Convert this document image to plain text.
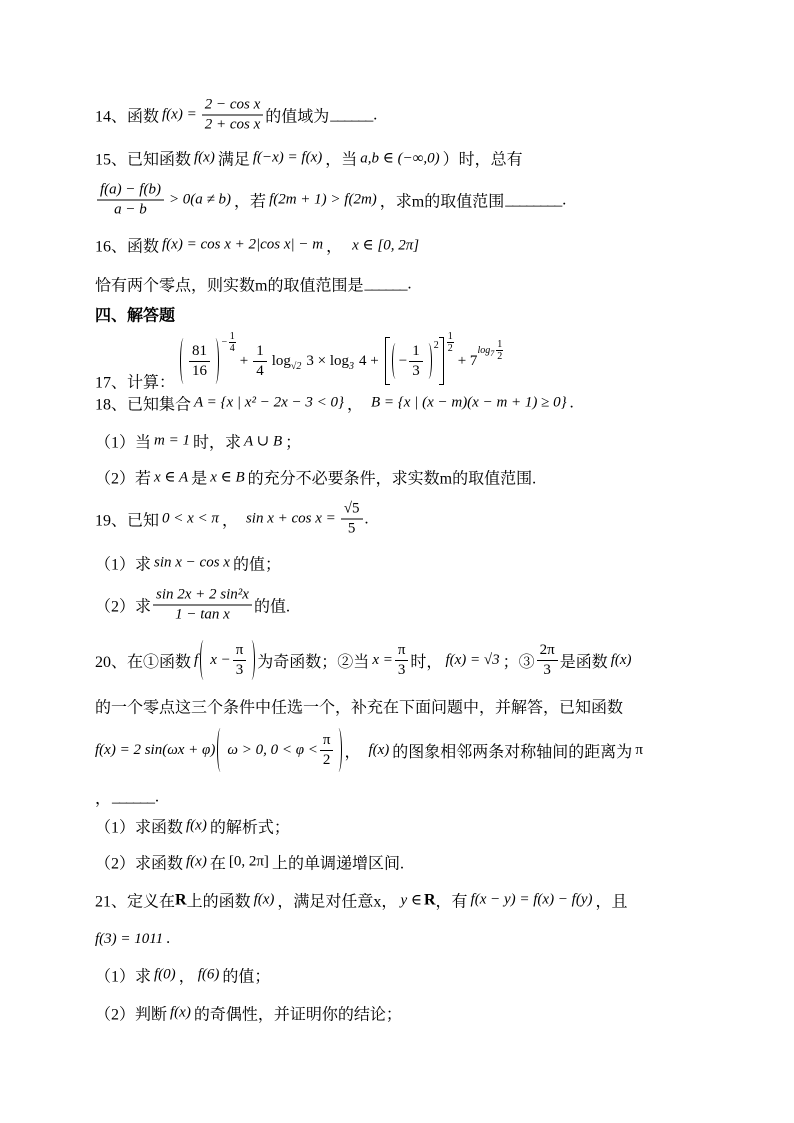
14、函数 $f(x) = \frac{\text{2 − cos x}}{\text{2 + cos x}}$ 的值域为 ______ .
15、已知函数 f(x) 满足 f(−x) = f(x) ，当 a,b ∈ (−∞,0) ）时，总有
$\frac{f(a) - f(b)}{a - b} > 0(a \ne b)$ ，若 f(2m + 1) > f(2m) ，求m的取值范围 ________ .
16、函数 f(x) = cos x + 2|cos x| − m ， x ∈ [0, 2π]
恰有两个零点，则实数m的取值范围是 ______ .
四、解答题
17、计算：
$\frac{81}{16} - \frac{1}{4}$
+ $\frac{1}{4}$ log √2 3 × log 3 4 + − $\frac{1}{3} 2 \frac{1}{2}$
+ 7
$\log 7 \frac{1}{2}$
18、已知集合 A = {x | x² − 2x − 3 < 0} ， B = {x | (x − m)(x − m + 1) ≥ 0} .
（1）当 m = 1 时，求 A ∪ B ；
（2）若 x ∈ A 是 x ∈ B 的充分不必要条件，求实数m的取值范围.
19、已知 0 < x < π ， $\sin x + \cos x = \frac{√5}{5}$ .
（1）求 sin x − cos x 的值；
（2）求 $\frac{\text{sin 2x + 2 sin²x}}{\text{1 − tan x}}$ 的值.
20、在①函数 f $x - \frac{\pi}{3}$ 为奇函数；②当 $x = \frac{\pi}{3}$ 时， f(x) = √3 ；③ $\frac{2\pi}{3}$ 是函数 f(x)
的一个零点这三个条件中任选一个，补充在下面问题中，并解答，已知函数
f(x) = 2 sin(ωx + φ) ω > 0, $0 < \varphi < \frac{\pi}{2}$ ， f(x) 的图象相邻两条对称轴间的距离为 π
， ______ .
（1）求函数 f(x) 的解析式；
（2）求函数 f(x) 在 [0, 2π] 上的单调递增区间.
21、定义在 R 上的函数 f(x) ，满足对任意x， y ∈ R ，有 f(x − y) = f(x) − f(y) ，且
f(3) = 1011 .
（1）求 f(0) ， f(6) 的值；
（2）判断 f(x) 的奇偶性，并证明你的结论；
